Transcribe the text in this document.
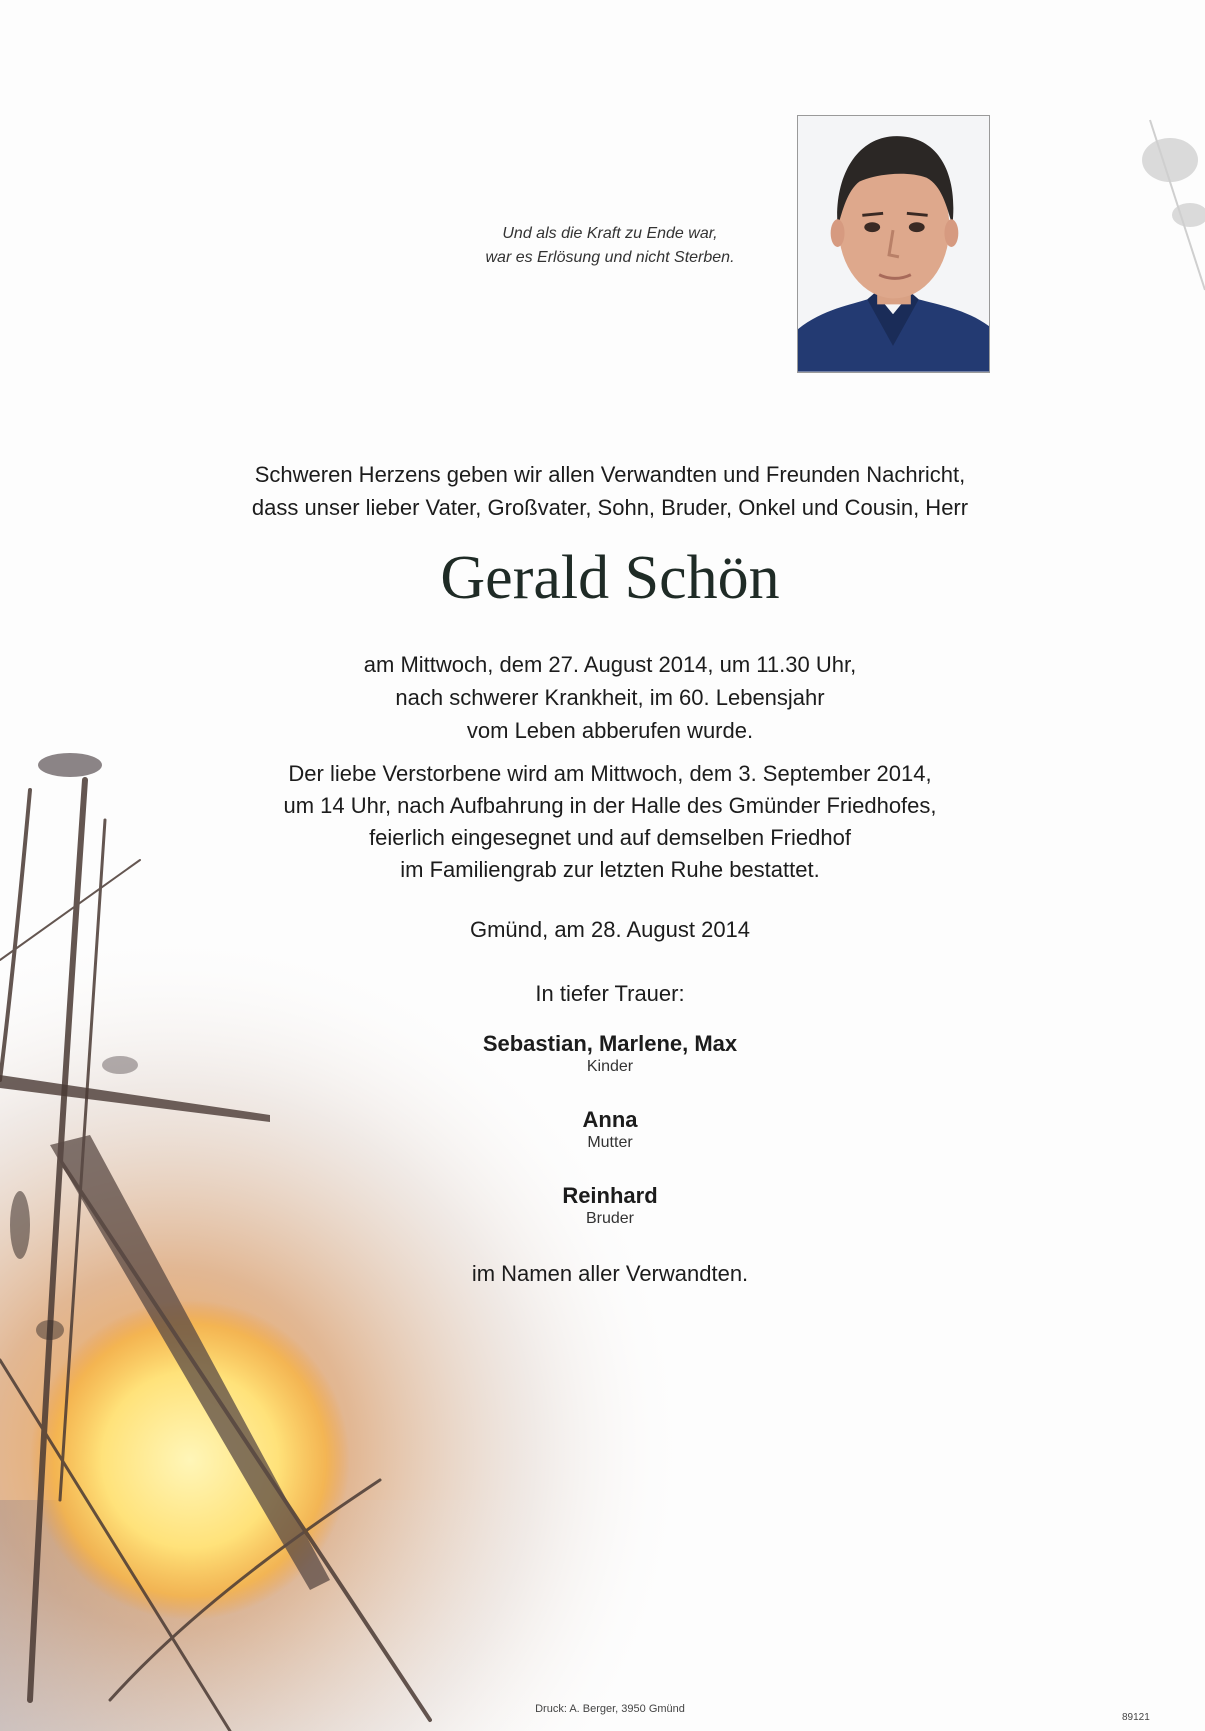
Und als die Kraft zu Ende war,
war es Erlösung und nicht Sterben.
Schweren Herzens geben wir allen Verwandten und Freunden Nachricht,
dass unser lieber Vater, Großvater, Sohn, Bruder, Onkel und Cousin, Herr
Gerald Schön
am Mittwoch, dem 27. August 2014, um 11.30 Uhr,
nach schwerer Krankheit, im 60. Lebensjahr
vom Leben abberufen wurde.
Der liebe Verstorbene wird am Mittwoch, dem 3. September 2014,
um 14 Uhr, nach Aufbahrung in der Halle des Gmünder Friedhofes,
feierlich eingesegnet und auf demselben Friedhof
im Familiengrab zur letzten Ruhe bestattet.
Gmünd, am 28. August 2014
In tiefer Trauer:
Sebastian, Marlene, Max
Kinder
Anna
Mutter
Reinhard
Bruder
im Namen aller Verwandten.
Druck: A. Berger, 3950 Gmünd
89121
